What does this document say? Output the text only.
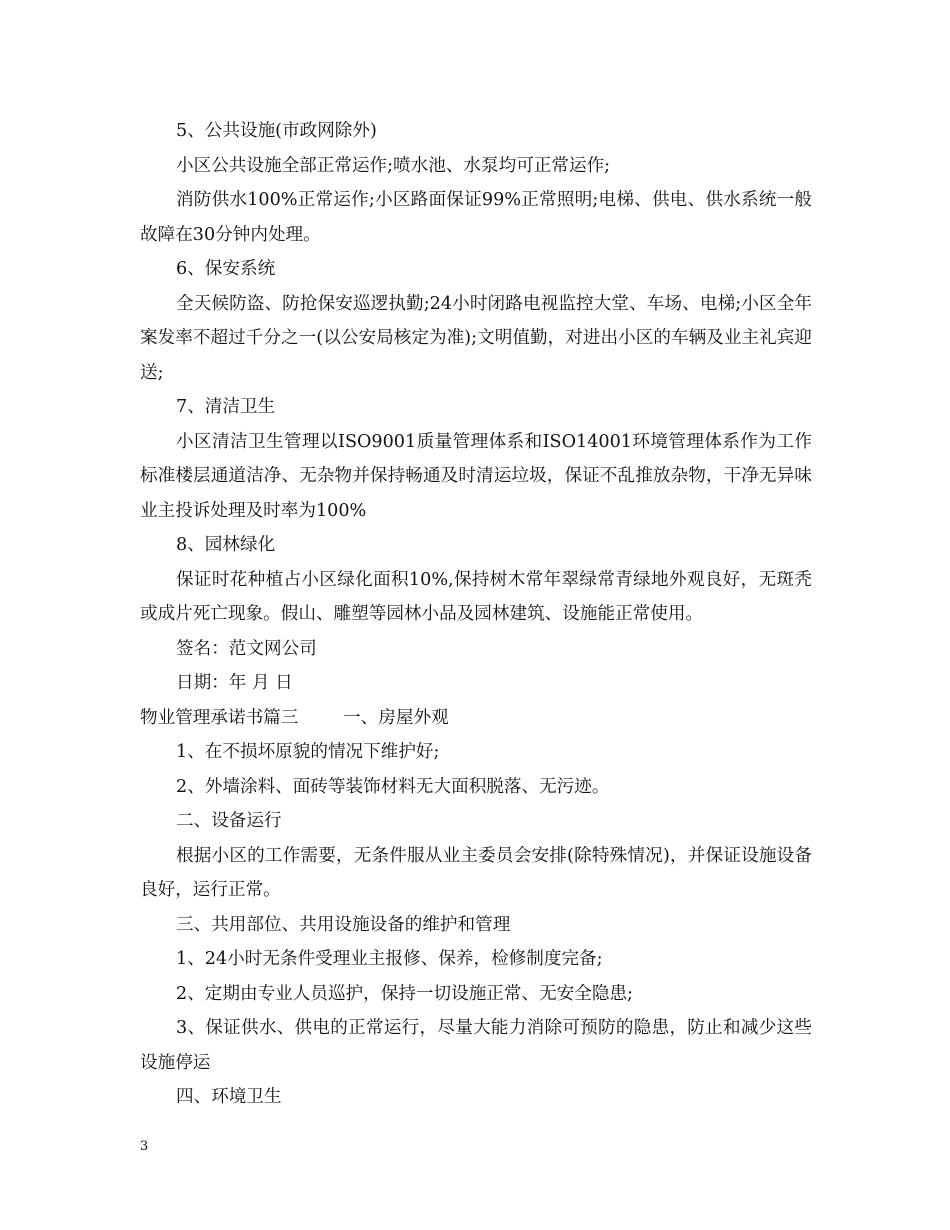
5、公共设施(市政网除外)

小区公共设施全部正常运作;喷水池、水泵均可正常运作;

消防供水100%正常运作;小区路面保证99%正常照明;电梯、供电、供水系统一般故障在30分钟内处理。

6、保安系统

全天候防盗、防抢保安巡逻执勤;24小时闭路电视监控大堂、车场、电梯;小区全年案发率不超过千分之一(以公安局核定为准);文明值勤，对进出小区的车辆及业主礼宾迎送;

7、清洁卫生

小区清洁卫生管理以ISO9001质量管理体系和ISO14001环境管理体系作为工作标准楼层通道洁净、无杂物并保持畅通及时清运垃圾，保证不乱推放杂物，干净无异味业主投诉处理及时率为100%

8、园林绿化

保证时花种植占小区绿化面积10%,保持树木常年翠绿常青绿地外观良好，无斑秃或成片死亡现象。假山、雕塑等园林小品及园林建筑、设施能正常使用。

签名：范文网公司

日期：年 月 日

物业管理承诺书篇三        一、房屋外观

1、在不损坏原貌的情况下维护好;

2、外墙涂料、面砖等装饰材料无大面积脱落、无污迹。

二、设备运行

根据小区的工作需要，无条件服从业主委员会安排(除特殊情况)，并保证设施设备良好，运行正常。

三、共用部位、共用设施设备的维护和管理

1、24小时无条件受理业主报修、保养，检修制度完备;

2、定期由专业人员巡护，保持一切设施正常、无安全隐患;

3、保证供水、供电的正常运行，尽量大能力消除可预防的隐患，防止和减少这些设施停运

四、环境卫生

3
